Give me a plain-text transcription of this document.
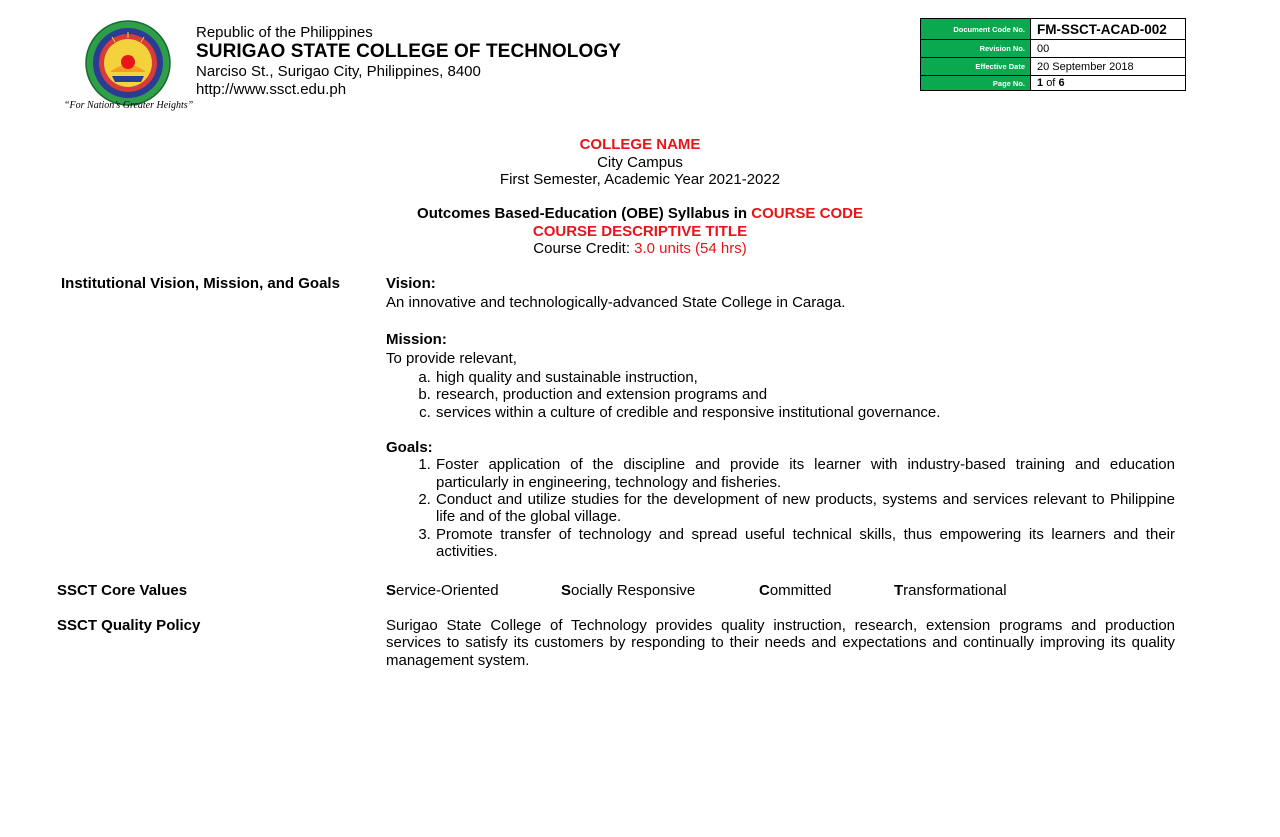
“For Nation’s Greater Heights”
Republic of the Philippines
SURIGAO STATE COLLEGE OF TECHNOLOGY
Narciso St., Surigao City, Philippines, 8400
http://www.ssct.edu.ph
Document Code No.	FM-SSCT-ACAD-002
Revision No.	00
Effective Date	20 September 2018
Page No.	1 of 6
COLLEGE NAME
City Campus
First Semester, Academic Year 2021-2022
Outcomes Based-Education (OBE) Syllabus in COURSE CODE
COURSE DESCRIPTIVE TITLE
Course Credit: 3.0 units (54 hrs)
Institutional Vision, Mission, and Goals	Vision:
An innovative and technologically-advanced State College in Caraga.
Mission:
To provide relevant,
a. high quality and sustainable instruction,
b. research, production and extension programs and
c. services within a culture of credible and responsive institutional governance.
Goals:
1. Foster application of the discipline and provide its learner with industry-based training and education particularly in engineering, technology and fisheries.
2. Conduct and utilize studies for the development of new products, systems and services relevant to Philippine life and of the global village.
3. Promote transfer of technology and spread useful technical skills, thus empowering its learners and their activities.
SSCT Core Values	Service-Oriented	Socially Responsive	Committed	Transformational
SSCT Quality Policy	Surigao State College of Technology provides quality instruction, research, extension programs and production services to satisfy its customers by responding to their needs and expectations and continually improving its quality management system.
